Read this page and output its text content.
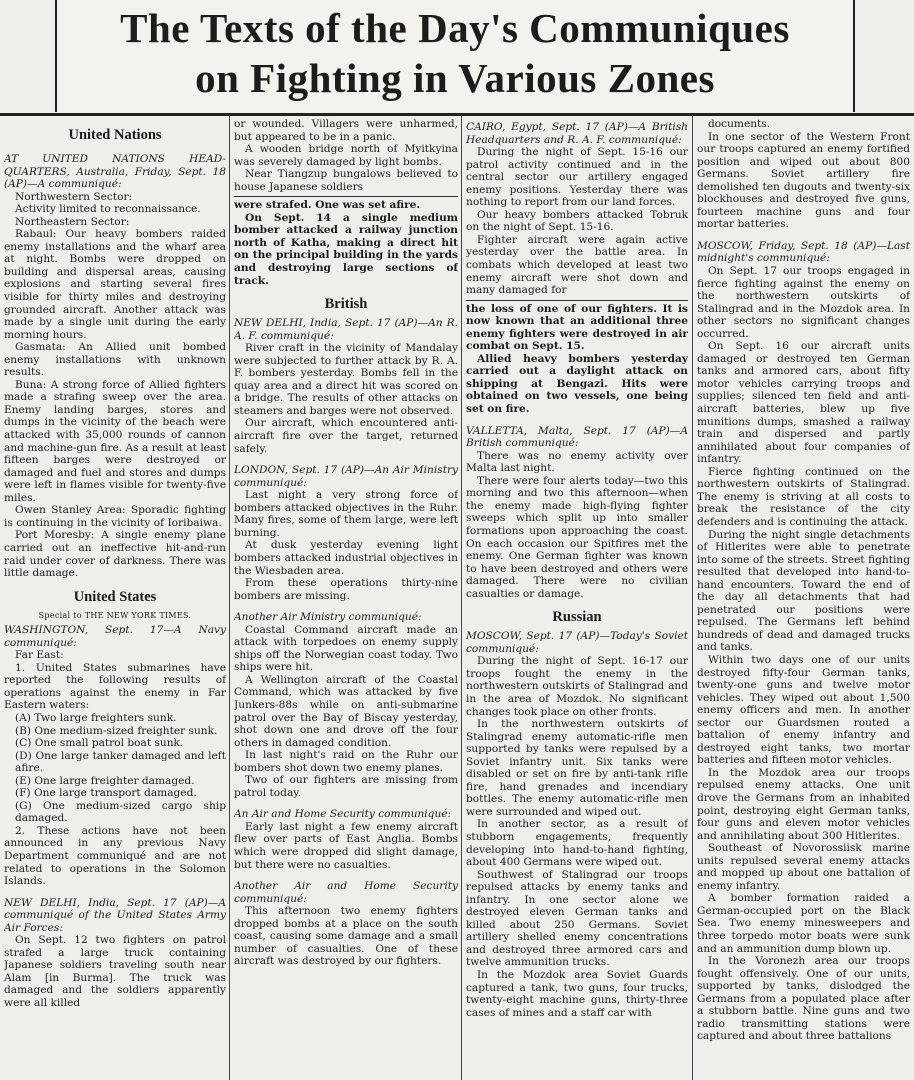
The Texts of the Day's Communiques
on Fighting in Various Zones
United Nations

AT UNITED NATIONS HEAD-QUARTERS, Australia, Friday, Sept. 18 (AP)—A communiqué:

Northwestern Sector:

Activity limited to reconnaissance.

Northeastern Sector:

Rabaul: Our heavy bombers raided enemy installations and the wharf area at night. Bombs were dropped on building and dispersal areas, causing explosions and starting several fires visible for thirty miles and destroying grounded aircraft. Another attack was made by a single unit during the early morning hours.

Gasmata: An Allied unit bombed enemy installations with unknown results.

Buna: A strong force of Allied fighters made a strafing sweep over the area. Enemy landing barges, stores and dumps in the vicinity of the beach were attacked with 35,000 rounds of cannon and machine-gun fire. As a result at least fifteen barges were destroyed or damaged and fuel and stores and dumps were left in flames visible for twenty-five miles.

Owen Stanley Area: Sporadic fighting is continuing in the vicinity of Ioribaiwa.

Port Moresby: A single enemy plane carried out an ineffective hit-and-run raid under cover of darkness. There was little damage.

United States
Special to THE NEW YORK TIMES.

WASHINGTON, Sept. 17—A Navy communiqué:

Far East:

1. United States submarines have reported the following results of operations against the enemy in Far Eastern waters:

(A) Two large freighters sunk.

(B) One medium-sized freighter sunk.

(C) One small patrol boat sunk.

(D) One large tanker damaged and left afire.

(E) One large freighter damaged.

(F) One large transport damaged.

(G) One medium-sized cargo ship damaged.

2. These actions have not been announced in any previous Navy Department communiqué and are not related to operations in the Solomon Islands.

NEW DELHI, India, Sept. 17 (AP)—A communiqué of the United States Army Air Forces:

On Sept. 12 two fighters on patrol strafed a large truck containing Japanese soldiers traveling south near Alam [in Burma]. The truck was damaged and the soldiers apparently were all killed

or wounded. Villagers were unharmed, but appeared to be in a panic.

A wooden bridge north of Myitkyina was severely damaged by light bombs.

Near Tiangzup bungalows believed to house Japanese soldiers

were strafed. One was set afire.

On Sept. 14 a single medium bomber attacked a railway junction north of Katha, making a direct hit on the principal building in the yards and destroying large sections of track.

British

NEW DELHI, India, Sept. 17 (AP)—An R. A. F. communiqué:

River craft in the vicinity of Mandalay were subjected to further attack by R. A. F. bombers yesterday. Bombs fell in the quay area and a direct hit was scored on a bridge. The results of other attacks on steamers and barges were not observed.

Our aircraft, which encountered anti-aircraft fire over the target, returned safely.

LONDON, Sept. 17 (AP)—An Air Ministry communiqué:

Last night a very strong force of bombers attacked objectives in the Ruhr. Many fires, some of them large, were left burning.

At dusk yesterday evening light bombers attacked industrial objectives in the Wiesbaden area.

From these operations thirty-nine bombers are missing.

Another Air Ministry communiqué:

Coastal Command aircraft made an attack with torpedoes on enemy supply ships off the Norwegian coast today. Two ships were hit.

A Wellington aircraft of the Coastal Command, which was attacked by five Junkers-88s while on anti-submarine patrol over the Bay of Biscay yesterday, shot down one and drove off the four others in damaged condition.

In last night's raid on the Ruhr our bombers shot down two enemy planes.

Two of our fighters are missing from patrol today.

An Air and Home Security communiqué:

Early last night a few enemy aircraft flew over parts of East Anglia. Bombs which were dropped did slight damage, but there were no casualties.

Another Air and Home Security communiqué:

This afternoon two enemy fighters dropped bombs at a place on the south coast, causing some damage and a small number of casualties. One of these aircraft was destroyed by our fighters.

CAIRO, Egypt, Sept. 17 (AP)—A British Headquarters and R. A. F. communiqué:

During the night of Sept. 15-16 our patrol activity continued and in the central sector our artillery engaged enemy positions. Yesterday there was nothing to report from our land forces.

Our heavy bombers attacked Tobruk on the night of Sept. 15-16.

Fighter aircraft were again active yesterday over the battle area. In combats which developed at least two enemy aircraft were shot down and many damaged for

the loss of one of our fighters. It is now known that an additional three enemy fighters were destroyed in air combat on Sept. 15.

Allied heavy bombers yesterday carried out a daylight attack on shipping at Bengazi. Hits were obtained on two vessels, one being set on fire.

VALLETTA, Malta, Sept. 17 (AP)—A British communiqué:

There was no enemy activity over Malta last night.

There were four alerts today—two this morning and two this afternoon—when the enemy made high-flying fighter sweeps which split up into smaller formations upon approaching the coast. On each occasion our Spitfires met the enemy. One German fighter was known to have been destroyed and others were damaged. There were no civilian casualties or damage.

Russian

MOSCOW, Sept. 17 (AP)—Today's Soviet communiqué:

During the night of Sept. 16-17 our troops fought the enemy in the northwestern outskirts of Stalingrad and in the area of Mozdok. No significant changes took place on other fronts.

In the northwestern outskirts of Stalingrad enemy automatic-rifle men supported by tanks were repulsed by a Soviet infantry unit. Six tanks were disabled or set on fire by anti-tank rifle fire, hand grenades and incendiary bottles. The enemy automatic-rifle men were surrounded and wiped out.

In another sector, as a result of stubborn engagements, frequently developing into hand-to-hand fighting, about 400 Germans were wiped out.

Southwest of Stalingrad our troops repulsed attacks by enemy tanks and infantry. In one sector alone we destroyed eleven German tanks and killed about 250 Germans. Soviet artillery shelled enemy concentrations and destroyed three armored cars and twelve ammunition trucks.

In the Mozdok area Soviet Guards captured a tank, two guns, four trucks, twenty-eight machine guns, thirty-three cases of mines and a staff car with

documents.

In one sector of the Western Front our troops captured an enemy fortified position and wiped out about 800 Germans. Soviet artillery fire demolished ten dugouts and twenty-six blockhouses and destroyed five guns, fourteen machine guns and four mortar batteries.

MOSCOW, Friday, Sept. 18 (AP)—Last midnight's communiqué:

On Sept. 17 our troops engaged in fierce fighting against the enemy on the northwestern outskirts of Stalingrad and in the Mozdok area. In other sectors no significant changes occurred.

On Sept. 16 our aircraft units damaged or destroyed ten German tanks and armored cars, about fifty motor vehicles carrying troops and supplies; silenced ten field and anti-aircraft batteries, blew up five munitions dumps, smashed a railway train and dispersed and partly annihilated about four companies of infantry.

Fierce fighting continued on the northwestern outskirts of Stalingrad. The enemy is striving at all costs to break the resistance of the city defenders and is continuing the attack.

During the night single detachments of Hitlerites were able to penetrate into some of the streets. Street fighting resulted that developed into hand-to-hand encounters. Toward the end of the day all detachments that had penetrated our positions were repulsed. The Germans left behind hundreds of dead and damaged trucks and tanks.

Within two days one of our units destroyed fifty-four German tanks, twenty-one guns and twelve motor vehicles. They wiped out about 1,500 enemy officers and men. In another sector our Guardsmen routed a battalion of enemy infantry and destroyed eight tanks, two mortar batteries and fifteen motor vehicles.

In the Mozdok area our troops repulsed enemy attacks. One unit drove the Germans from an inhabited point, destroying eight German tanks, four guns and eleven motor vehicles and annihilating about 300 Hitlerites.

Southeast of Novorossiisk marine units repulsed several enemy attacks and mopped up about one battalion of enemy infantry.

A bomber formation raided a German-occupied port on the Black Sea. Two enemy minesweepers and three torpedo motor boats were sunk and an ammunition dump blown up.

In the Voronezh area our troops fought offensively. One of our units, supported by tanks, dislodged the Germans from a populated place after a stubborn battle. Nine guns and two radio transmitting stations were captured and about three battalions
